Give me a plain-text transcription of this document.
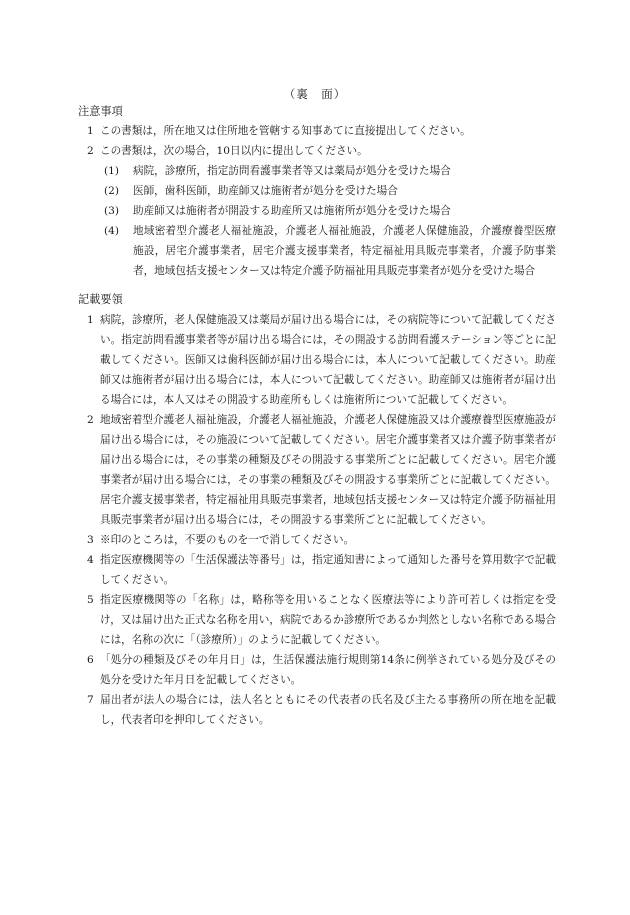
（裏　面）
注意事項
1 この書類は，所在地又は住所地を管轄する知事あてに直接提出してください。
2 この書類は，次の場合，10日以内に提出してください。
(1) 病院，診療所，指定訪問看護事業者等又は薬局が処分を受けた場合
(2) 医師，歯科医師，助産師又は施術者が処分を受けた場合
(3) 助産師又は施術者が開設する助産所又は施術所が処分を受けた場合
(4) 地域密着型介護老人福祉施設，介護老人福祉施設，介護老人保健施設，介護療養型医療施設，居宅介護事業者，居宅介護支援事業者，特定福祉用具販売事業者，介護予防事業者，地域包括支援センター又は特定介護予防福祉用具販売事業者が処分を受けた場合
記載要領
1 病院，診療所，老人保健施設又は薬局が届け出る場合には，その病院等について記載してください。指定訪問看護事業者等が届け出る場合には，その開設する訪問看護ステーション等ごとに記載してください。医師又は歯科医師が届け出る場合には，本人について記載してください。助産師又は施術者が届け出る場合には，本人について記載してください。助産師又は施術者が届け出る場合には，本人又はその開設する助産所もしくは施術所について記載してください。
2 地域密着型介護老人福祉施設，介護老人福祉施設，介護老人保健施設又は介護療養型医療施設が届け出る場合には，その施設について記載してください。居宅介護事業者又は介護予防事業者が届け出る場合には，その事業の種類及びその開設する事業所ごとに記載してください。居宅介護事業者が届け出る場合には，その事業の種類及びその開設する事業所ごとに記載してください。居宅介護支援事業者，特定福祉用具販売事業者，地域包括支援センター又は特定介護予防福祉用具販売事業者が届け出る場合には，その開設する事業所ごとに記載してください。
3 ※印のところは，不要のものを一で消してください。
4 指定医療機関等の「生活保護法等番号」は，指定通知書によって通知した番号を算用数字で記載してください。
5 指定医療機関等の「名称」は，略称等を用いることなく医療法等により許可若しくは指定を受け，又は届け出た正式な名称を用い，病院であるか診療所であるか判然としない名称である場合には，名称の次に「（診療所）」のように記載してください。
6 「処分の種類及びその年月日」は，生活保護法施行規則第14条に例挙されている処分及びその処分を受けた年月日を記載してください。
7 届出者が法人の場合には，法人名とともにその代表者の氏名及び主たる事務所の所在地を記載し，代表者印を押印してください。
